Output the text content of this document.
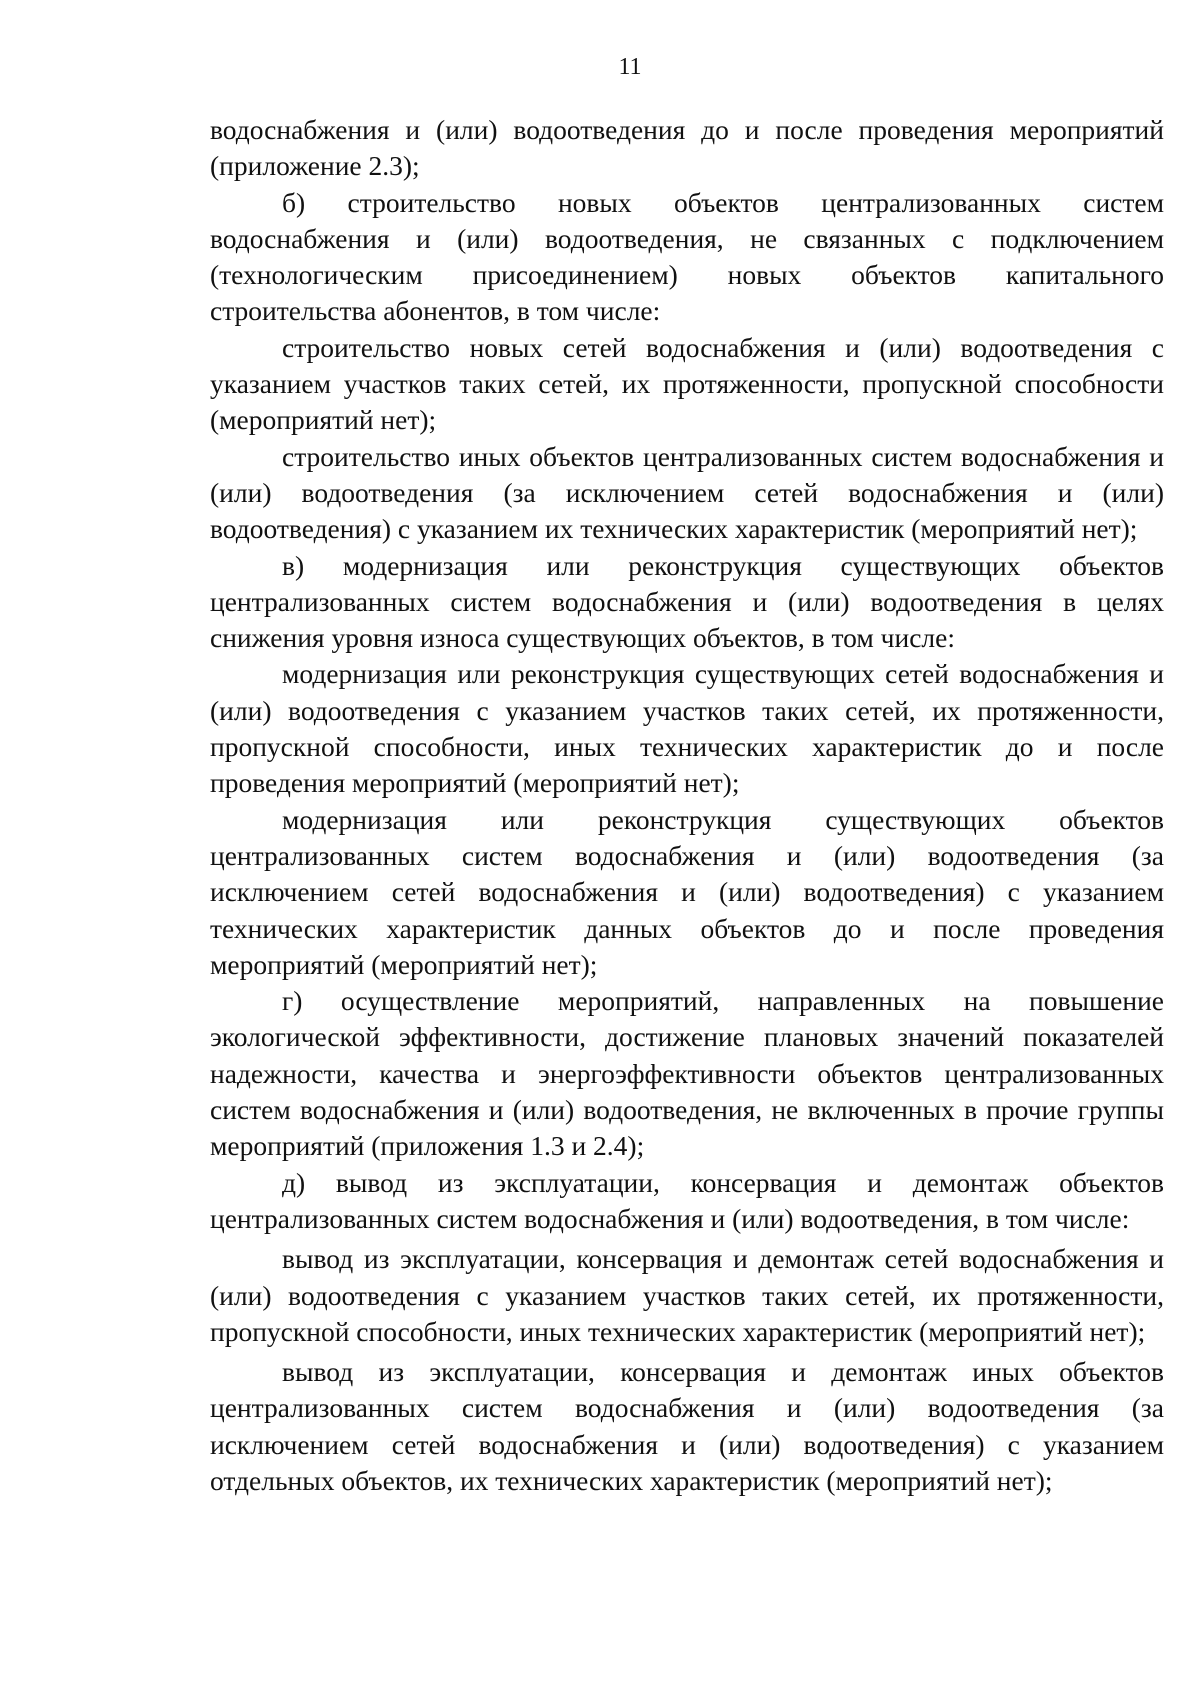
11

водоснабжения и (или) водоотведения до и после проведения мероприятий (приложение 2.3);

б) строительство новых объектов централизованных систем водоснабжения и (или) водоотведения, не связанных с подключением (технологическим присоединением) новых объектов капитального строительства абонентов, в том числе:

строительство новых сетей водоснабжения и (или) водоотведения с указанием участков таких сетей, их протяженности, пропускной способности (мероприятий нет);

строительство иных объектов централизованных систем водоснабжения и (или) водоотведения (за исключением сетей водоснабжения и (или) водоотведения) с указанием их технических характеристик (мероприятий нет);

в) модернизация или реконструкция существующих объектов централизованных систем водоснабжения и (или) водоотведения в целях снижения уровня износа существующих объектов, в том числе:

модернизация или реконструкция существующих сетей водоснабжения и (или) водоотведения с указанием участков таких сетей, их протяженности, пропускной способности, иных технических характеристик до и после проведения мероприятий (мероприятий нет);

модернизация или реконструкция существующих объектов централизованных систем водоснабжения и (или) водоотведения (за исключением сетей водоснабжения и (или) водоотведения) с указанием технических характеристик данных объектов до и после проведения мероприятий (мероприятий нет);

г) осуществление мероприятий, направленных на повышение экологической эффективности, достижение плановых значений показателей надежности, качества и энергоэффективности объектов централизованных систем водоснабжения и (или) водоотведения, не включенных в прочие группы мероприятий (приложения 1.3 и 2.4);

д) вывод из эксплуатации, консервация и демонтаж объектов централизованных систем водоснабжения и (или) водоотведения, в том числе:

вывод из эксплуатации, консервация и демонтаж сетей водоснабжения и (или) водоотведения с указанием участков таких сетей, их протяженности, пропускной способности, иных технических характеристик (мероприятий нет);

вывод из эксплуатации, консервация и демонтаж иных объектов централизованных систем водоснабжения и (или) водоотведения (за исключением сетей водоснабжения и (или) водоотведения) с указанием отдельных объектов, их технических характеристик (мероприятий нет);
